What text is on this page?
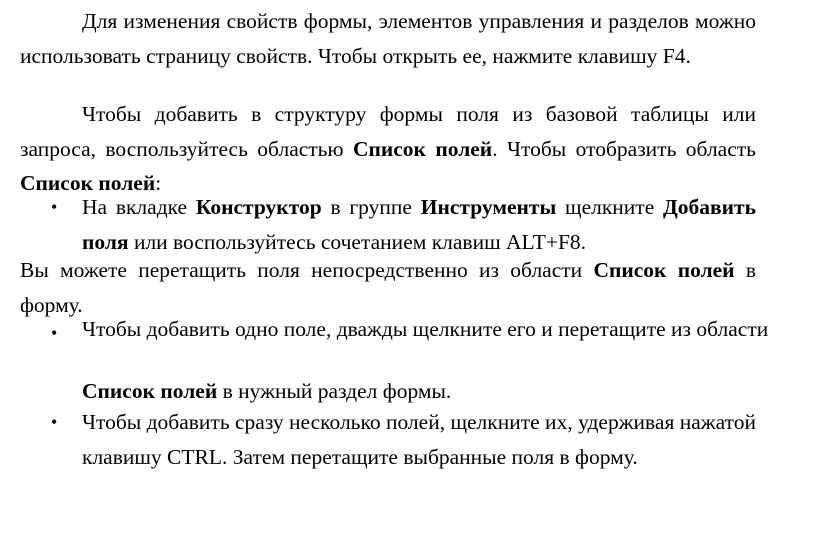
Для изменения свойств формы, элементов управления и разделов можно использовать страницу свойств. Чтобы открыть ее, нажмите клавишу F4.

Чтобы добавить в структуру формы поля из базовой таблицы или запроса, воспользуйтесь областью Список полей. Чтобы отобразить область Список полей:

•	На вкладке Конструктор в группе Инструменты щелкните Добавить поля или воспользуйтесь сочетанием клавиш ALT+F8.

Вы можете перетащить поля непосредственно из области Список полей в форму.

•	Чтобы добавить одно поле, дважды щелкните его и перетащите из области

Список полей в нужный раздел формы.

•	Чтобы добавить сразу несколько полей, щелкните их, удерживая нажатой клавишу CTRL. Затем перетащите выбранные поля в форму.
